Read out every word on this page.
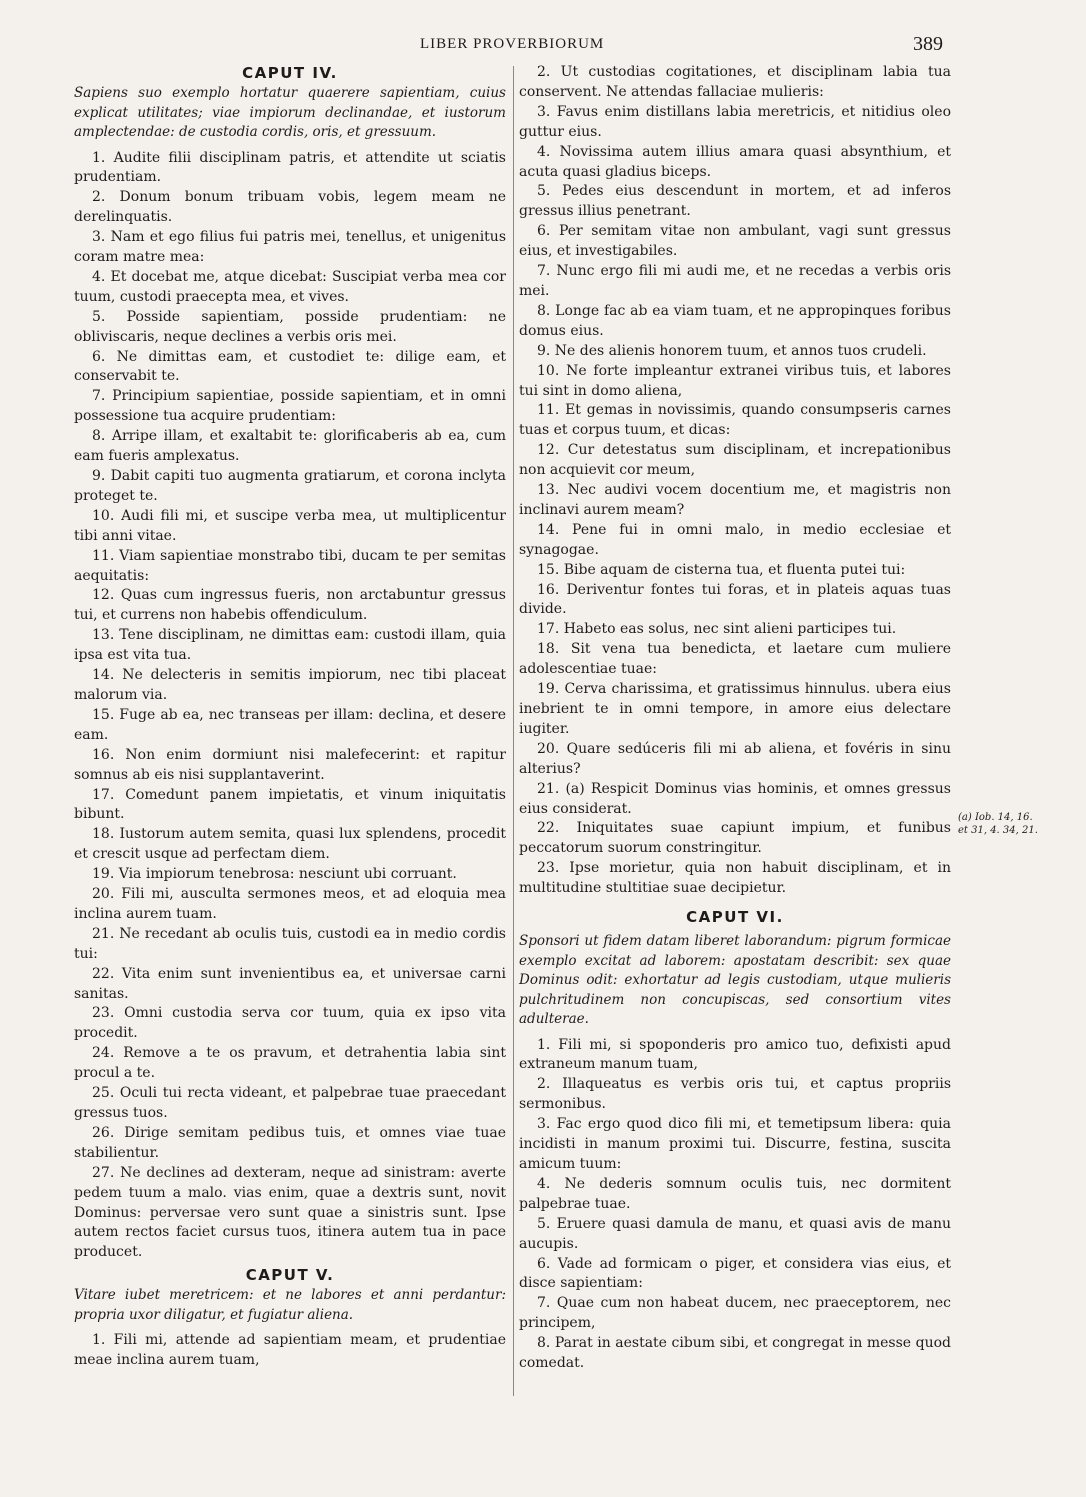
LIBER PROVERBIORUM	389

CAPUT IV.

Sapiens suo exemplo hortatur quaerere sapientiam, cuius explicat utilitates; viae impiorum declinandae, et iustorum amplectendae: de custodia cordis, oris, et gressuum.

1. Audite filii disciplinam patris, et attendite ut sciatis prudentiam.

2. Donum bonum tribuam vobis, legem meam ne derelinquatis.

3. Nam et ego filius fui patris mei, tenellus, et unigenitus coram matre mea:

4. Et docebat me, atque dicebat: Suscipiat verba mea cor tuum, custodi praecepta mea, et vives.

5. Posside sapientiam, posside prudentiam: ne obliviscaris, neque declines a verbis oris mei.

6. Ne dimittas eam, et custodiet te: dilige eam, et conservabit te.

7. Principium sapientiae, posside sapientiam, et in omni possessione tua acquire prudentiam:

8. Arripe illam, et exaltabit te: glorificaberis ab ea, cum eam fueris amplexatus.

9. Dabit capiti tuo augmenta gratiarum, et corona inclyta proteget te.

10. Audi fili mi, et suscipe verba mea, ut multiplicentur tibi anni vitae.

11. Viam sapientiae monstrabo tibi, ducam te per semitas aequitatis:

12. Quas cum ingressus fueris, non arctabuntur gressus tui, et currens non habebis offendiculum.

13. Tene disciplinam, ne dimittas eam: custodi illam, quia ipsa est vita tua.

14. Ne delecteris in semitis impiorum, nec tibi placeat malorum via.

15. Fuge ab ea, nec transeas per illam: declina, et desere eam.

16. Non enim dormiunt nisi malefecerint: et rapitur somnus ab eis nisi supplantaverint.

17. Comedunt panem impietatis, et vinum iniquitatis bibunt.

18. Iustorum autem semita, quasi lux splendens, procedit et crescit usque ad perfectam diem.

19. Via impiorum tenebrosa: nesciunt ubi corruant.

20. Fili mi, ausculta sermones meos, et ad eloquia mea inclina aurem tuam.

21. Ne recedant ab oculis tuis, custodi ea in medio cordis tui:

22. Vita enim sunt invenientibus ea, et universae carni sanitas.

23. Omni custodia serva cor tuum, quia ex ipso vita procedit.

24. Remove a te os pravum, et detrahentia labia sint procul a te.

25. Oculi tui recta videant, et palpebrae tuae praecedant gressus tuos.

26. Dirige semitam pedibus tuis, et omnes viae tuae stabilientur.

27. Ne declines ad dexteram, neque ad sinistram: averte pedem tuum a malo. vias enim, quae a dextris sunt, novit Dominus: perversae vero sunt quae a sinistris sunt. Ipse autem rectos faciet cursus tuos, itinera autem tua in pace producet.

CAPUT V.

Vitare iubet meretricem: et ne labores et anni perdantur: propria uxor diligatur, et fugiatur aliena.

1. Fili mi, attende ad sapientiam meam, et prudentiae meae inclina aurem tuam,

2. Ut custodias cogitationes, et disciplinam labia tua conservent. Ne attendas fallaciae mulieris:

3. Favus enim distillans labia meretricis, et nitidius oleo guttur eius.

4. Novissima autem illius amara quasi absynthium, et acuta quasi gladius biceps.

5. Pedes eius descendunt in mortem, et ad inferos gressus illius penetrant.

6. Per semitam vitae non ambulant, vagi sunt gressus eius, et investigabiles.

7. Nunc ergo fili mi audi me, et ne recedas a verbis oris mei.

8. Longe fac ab ea viam tuam, et ne appropinques foribus domus eius.

9. Ne des alienis honorem tuum, et annos tuos crudeli.

10. Ne forte impleantur extranei viribus tuis, et labores tui sint in domo aliena,

11. Et gemas in novissimis, quando consumpseris carnes tuas et corpus tuum, et dicas:

12. Cur detestatus sum disciplinam, et increpationibus non acquievit cor meum,

13. Nec audivi vocem docentium me, et magistris non inclinavi aurem meam?

14. Pene fui in omni malo, in medio ecclesiae et synagogae.

15. Bibe aquam de cisterna tua, et fluenta putei tui:

16. Deriventur fontes tui foras, et in plateis aquas tuas divide.

17. Habeto eas solus, nec sint alieni participes tui.

18. Sit vena tua benedicta, et laetare cum muliere adolescentiae tuae:

19. Cerva charissima, et gratissimus hinnulus. ubera eius inebrient te in omni tempore, in amore eius delectare iugiter.

20. Quare sedúceris fili mi ab aliena, et fovéris in sinu alterius?

21. (a) Respicit Dominus vias hominis, et omnes gressus eius considerat.

22. Iniquitates suae capiunt impium, et funibus peccatorum suorum constringitur.

23. Ipse morietur, quia non habuit disciplinam, et in multitudine stultitiae suae decipietur.

CAPUT VI.

Sponsori ut fidem datam liberet laborandum: pigrum formicae exemplo excitat ad laborem: apostatam describit: sex quae Dominus odit: exhortatur ad legis custodiam, utque mulieris pulchritudinem non concupiscas, sed consortium vites adulterae.

1. Fili mi, si spoponderis pro amico tuo, defixisti apud extraneum manum tuam,

2. Illaqueatus es verbis oris tui, et captus propriis sermonibus.

3. Fac ergo quod dico fili mi, et temetipsum libera: quia incidisti in manum proximi tui. Discurre, festina, suscita amicum tuum:

4. Ne dederis somnum oculis tuis, nec dormitent palpebrae tuae.

5. Eruere quasi damula de manu, et quasi avis de manu aucupis.

6. Vade ad formicam o piger, et considera vias eius, et disce sapientiam:

7. Quae cum non habeat ducem, nec praeceptorem, nec principem,

8. Parat in aestate cibum sibi, et congregat in messe quod comedat.

(a) Iob. 14, 16. et 31, 4. 34, 21.
